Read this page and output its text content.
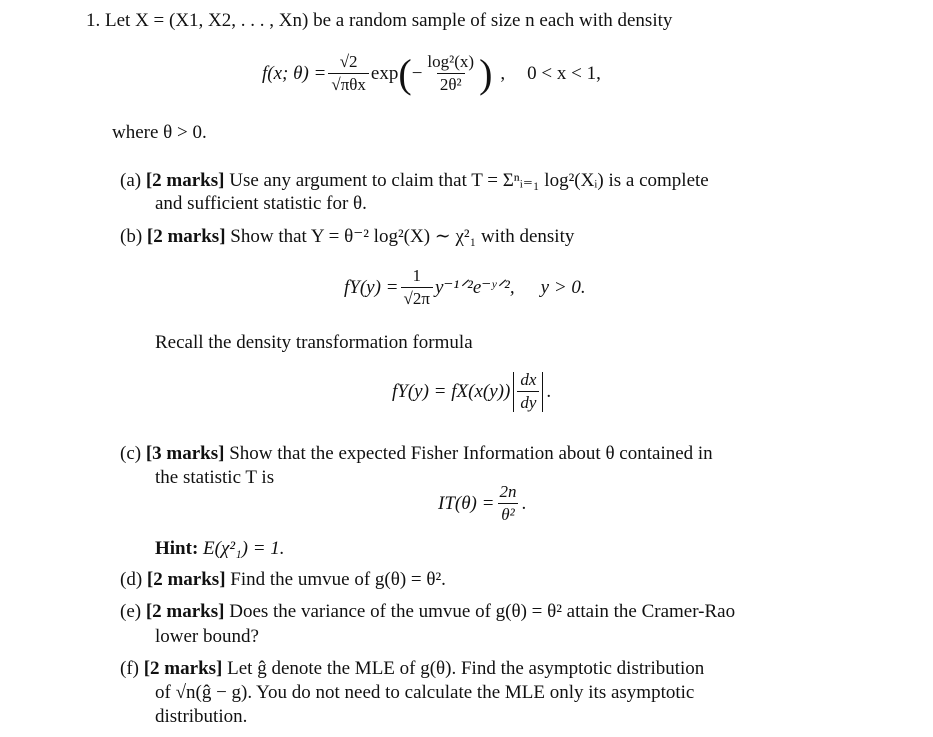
1. Let X = (X1, X2, . . . , Xn) be a random sample of size n each with density
f(x; $\theta) = \frac{√2}{\text{√πθx}}$ exp ( − $\frac{\text{log²(x)}}{\text{2θ²}}$ ) , 0 < x < 1,
where θ > 0.
(a) [2 marks] Use any argument to claim that T = Σⁿᵢ₌₁ log²(Xᵢ) is a complete
and sufficient statistic for θ.
(b) [2 marks] Show that Y = θ⁻² log²(X) ∼ χ²₁ with density
$fY(y) = \frac{1}{√2\pi}$ y⁻¹ᐟ²e⁻ʸᐟ², y > 0.
Recall the density transformation formula
$fY(y) = fX(x(y)) \frac{dx}{dy}$ .
(c) [3 marks] Show that the expected Fisher Information about θ contained in
the statistic T is
$IT(\theta) = \frac{2n}{\text{θ²}}$ .
Hint: E(χ²₁) = 1.
(d) [2 marks] Find the umvue of g(θ) = θ².
(e) [2 marks] Does the variance of the umvue of g(θ) = θ² attain the Cramer-Rao
lower bound?
(f) [2 marks] Let ĝ denote the MLE of g(θ). Find the asymptotic distribution
of √n(ĝ − g). You do not need to calculate the MLE only its asymptotic
distribution.
